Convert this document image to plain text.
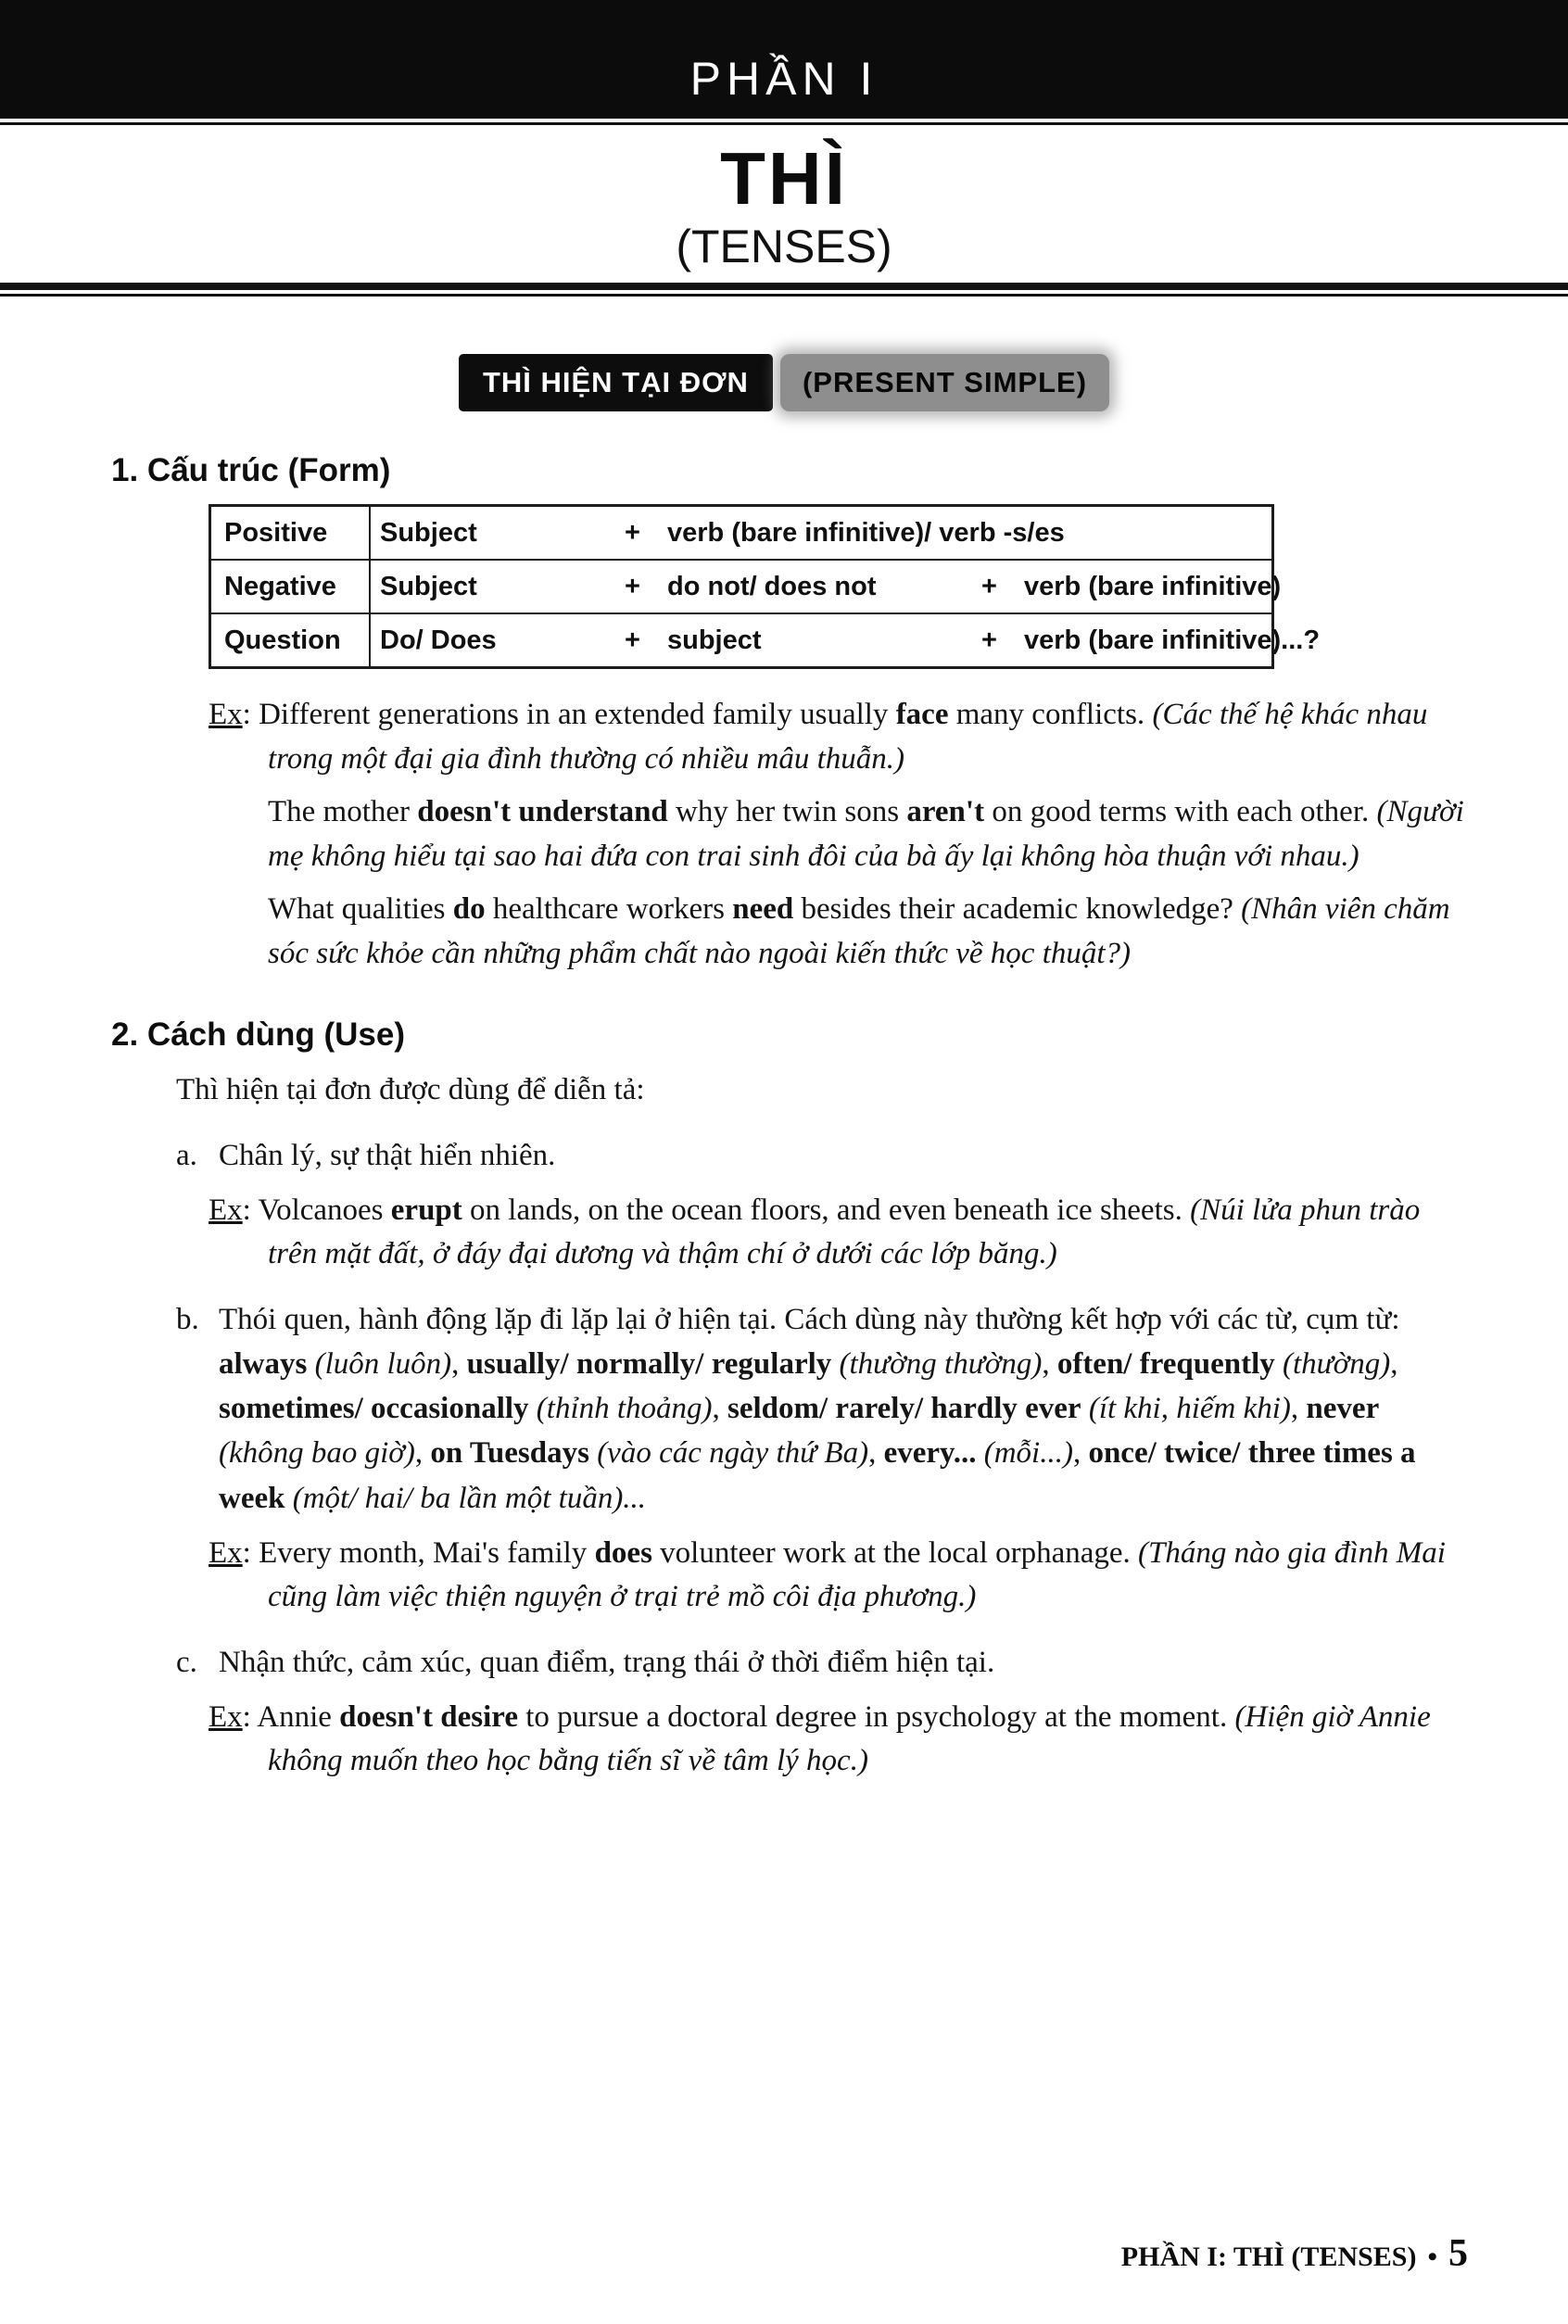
PHẦN I
THÌ
(TENSES)
THÌ HIỆN TẠI ĐƠN	(PRESENT SIMPLE)
1. Cấu trúc (Form)
Positive	Subject	+	verb (bare infinitive)/ verb -s/es
Negative	Subject	+	do not/ does not	+	verb (bare infinitive)
Question	Do/ Does	+	subject	+	verb (bare infinitive)...?

Ex: Different generations in an extended family usually face many conflicts. (Các thế hệ khác nhau trong một đại gia đình thường có nhiều mâu thuẫn.)

The mother doesn't understand why her twin sons aren't on good terms with each other. (Người mẹ không hiểu tại sao hai đứa con trai sinh đôi của bà ấy lại không hòa thuận với nhau.)

What qualities do healthcare workers need besides their academic knowledge? (Nhân viên chăm sóc sức khỏe cần những phẩm chất nào ngoài kiến thức về học thuật?)

2. Cách dùng (Use)

Thì hiện tại đơn được dùng để diễn tả:

a. Chân lý, sự thật hiển nhiên.

Ex: Volcanoes erupt on lands, on the ocean floors, and even beneath ice sheets. (Núi lửa phun trào trên mặt đất, ở đáy đại dương và thậm chí ở dưới các lớp băng.)

b. Thói quen, hành động lặp đi lặp lại ở hiện tại. Cách dùng này thường kết hợp với các từ, cụm từ: always (luôn luôn), usually/ normally/ regularly (thường thường), often/ frequently (thường), sometimes/ occasionally (thỉnh thoảng), seldom/ rarely/ hardly ever (ít khi, hiếm khi), never (không bao giờ), on Tuesdays (vào các ngày thứ Ba), every... (mỗi...), once/ twice/ three times a week (một/ hai/ ba lần một tuần)...

Ex: Every month, Mai's family does volunteer work at the local orphanage. (Tháng nào gia đình Mai cũng làm việc thiện nguyện ở trại trẻ mồ côi địa phương.)

c. Nhận thức, cảm xúc, quan điểm, trạng thái ở thời điểm hiện tại.

Ex: Annie doesn't desire to pursue a doctoral degree in psychology at the moment. (Hiện giờ Annie không muốn theo học bằng tiến sĩ về tâm lý học.)

PHẦN I: THÌ (TENSES) • 5
